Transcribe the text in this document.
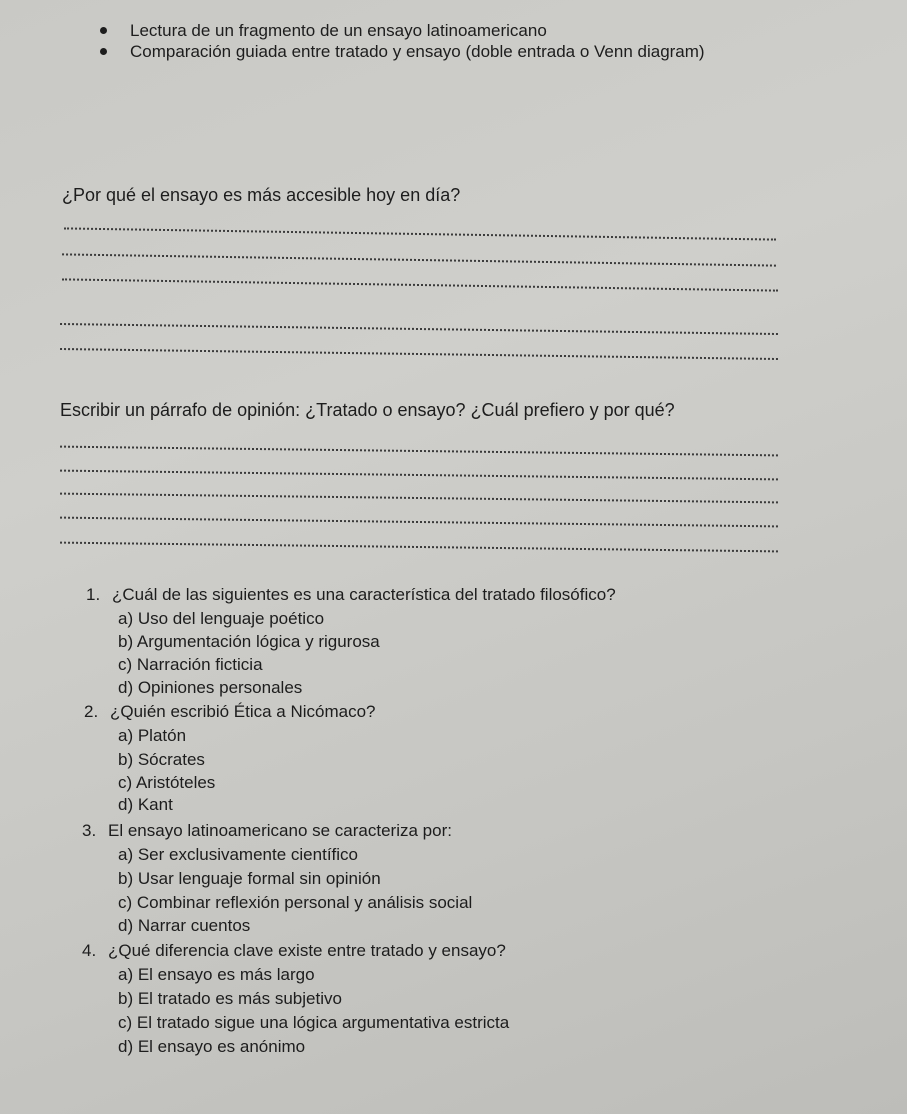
Lectura de un fragmento de un ensayo latinoamericano
Comparación guiada entre tratado y ensayo (doble entrada o Venn diagram)
¿Por qué el ensayo es más accesible hoy en día?
Escribir un párrafo de opinión: ¿Tratado o ensayo? ¿Cuál prefiero y por qué?
1. ¿Cuál de las siguientes es una característica del tratado filosófico?
a) Uso del lenguaje poético
b) Argumentación lógica y rigurosa
c) Narración ficticia
d) Opiniones personales
2. ¿Quién escribió Ética a Nicómaco?
a) Platón
b) Sócrates
c) Aristóteles
d) Kant
3. El ensayo latinoamericano se caracteriza por:
a) Ser exclusivamente científico
b) Usar lenguaje formal sin opinión
c) Combinar reflexión personal y análisis social
d) Narrar cuentos
4. ¿Qué diferencia clave existe entre tratado y ensayo?
a) El ensayo es más largo
b) El tratado es más subjetivo
c) El tratado sigue una lógica argumentativa estricta
d) El ensayo es anónimo
